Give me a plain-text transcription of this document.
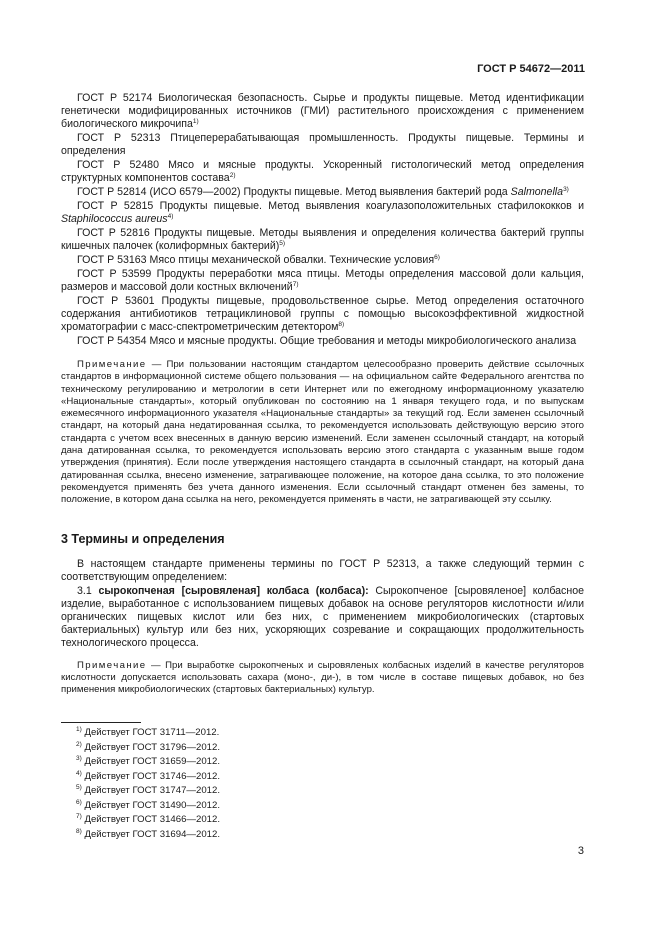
ГОСТ Р 54672—2011

ГОСТ Р 52174 Биологическая безопасность. Сырье и продукты пищевые. Метод идентификации генетически модифицированных источников (ГМИ) растительного происхождения с применением биологического микрочипа$^{1)}$

ГОСТ Р 52313 Птицеперерабатывающая промышленность. Продукты пищевые. Термины и определения

ГОСТ Р 52480 Мясо и мясные продукты. Ускоренный гистологический метод определения структурных компонентов состава$^{2)}$

ГОСТ Р 52814 (ИСО 6579—2002) Продукты пищевые. Метод выявления бактерий рода Salmonella$^{3)}$

ГОСТ Р 52815 Продукты пищевые. Метод выявления коагулазоположительных стафилококков и Staphilococcus aureus$^{4)}$

ГОСТ Р 52816 Продукты пищевые. Методы выявления и определения количества бактерий группы кишечных палочек (колиформных бактерий)$^{5)}$

ГОСТ Р 53163 Мясо птицы механической обвалки. Технические условия$^{6)}$

ГОСТ Р 53599 Продукты переработки мяса птицы. Методы определения массовой доли кальция, размеров и массовой доли костных включений$^{7)}$

ГОСТ Р 53601 Продукты пищевые, продовольственное сырье. Метод определения остаточного содержания антибиотиков тетрациклиновой группы с помощью высокоэффективной жидкостной хроматографии с масс-спектрометрическим детектором$^{8)}$

ГОСТ Р 54354 Мясо и мясные продукты. Общие требования и методы микробиологического анализа

Примечание — При пользовании настоящим стандартом целесообразно проверить действие ссылочных стандартов в информационной системе общего пользования — на официальном сайте Федерального агентства по техническому регулированию и метрологии в сети Интернет или по ежегодному информационному указателю «Национальные стандарты», который опубликован по состоянию на 1 января текущего года, и по выпускам ежемесячного информационного указателя «Национальные стандарты» за текущий год. Если заменен ссылочный стандарт, на который дана недатированная ссылка, то рекомендуется использовать действующую версию этого стандарта с учетом всех внесенных в данную версию изменений. Если заменен ссылочный стандарт, на который дана датированная ссылка, то рекомендуется использовать версию этого стандарта с указанным выше годом утверждения (принятия). Если после утверждения настоящего стандарта в ссылочный стандарт, на который дана датированная ссылка, внесено изменение, затрагивающее положение, на которое дана ссылка, то это положение рекомендуется применять без учета данного изменения. Если ссылочный стандарт отменен без замены, то положение, в котором дана ссылка на него, рекомендуется применять в части, не затрагивающей эту ссылку.

3 Термины и определения

В настоящем стандарте применены термины по ГОСТ Р 52313, а также следующий термин с соответствующим определением:

3.1 сырокопченая [сыровяленая] колбаса (колбаса): Сырокопченое [сыровяленое] колбасное изделие, выработанное с использованием пищевых добавок на основе регуляторов кислотности и/или органических пищевых кислот или без них, с применением микробиологических (стартовых бактериальных) культур или без них, ускоряющих созревание и сокращающих продолжительность технологического процесса.

Примечание — При выработке сырокопченых и сыровяленых колбасных изделий в качестве регуляторов кислотности допускается использовать сахара (моно-, ди-), в том числе в составе пищевых добавок, но без применения микробиологических (стартовых бактериальных) культур.

$^{1)}$ Действует ГОСТ 31711—2012.
$^{2)}$ Действует ГОСТ 31796—2012.
$^{3)}$ Действует ГОСТ 31659—2012.
$^{4)}$ Действует ГОСТ 31746—2012.
$^{5)}$ Действует ГОСТ 31747—2012.
$^{6)}$ Действует ГОСТ 31490—2012.
$^{7)}$ Действует ГОСТ 31466—2012.
$^{8)}$ Действует ГОСТ 31694—2012.
3
